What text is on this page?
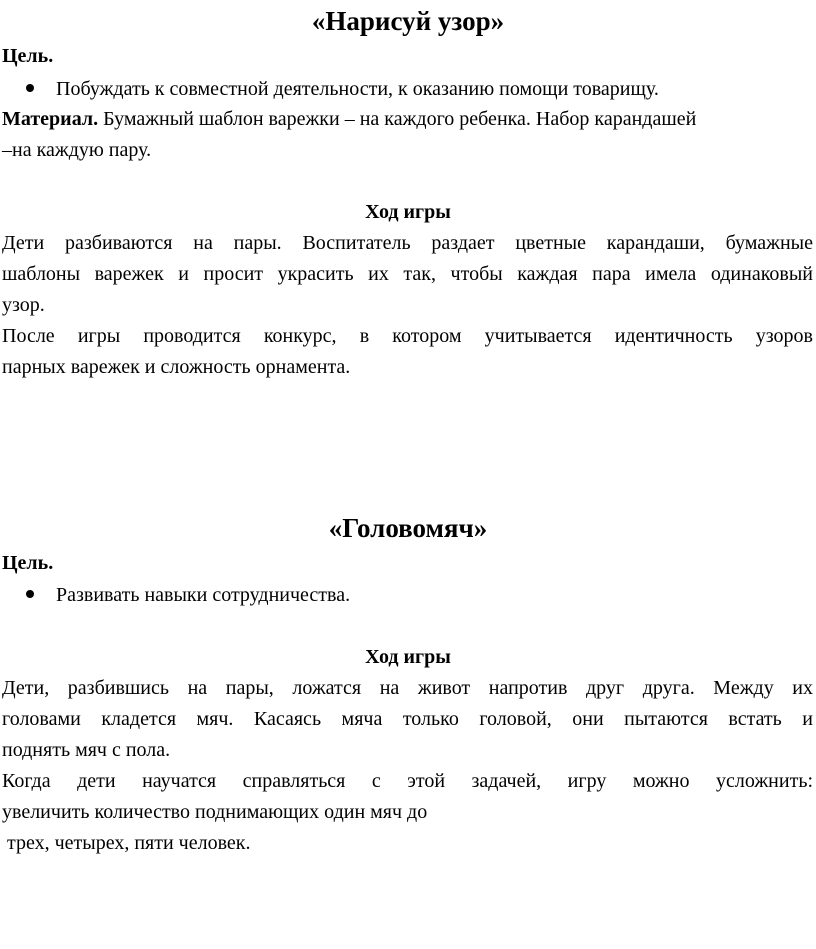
«Нарисуй узор»

Цель.

Побуждать к совместной деятельности, к оказанию помощи товарищу.

Материал. Бумажный шаблон варежки – на каждого ребенка. Набор карандашей
–на каждую пару.

Ход игры

Дети разбиваются на пары. Воспитатель раздает цветные карандаши, бумажные
шаблоны варежек и просит украсить их так, чтобы каждая пара имела одинаковый
узор.

После игры проводится конкурс, в котором учитывается идентичность узоров
парных варежек и сложность орнамента.

«Головомяч»

Цель.

Развивать навыки сотрудничества.

Ход игры

Дети, разбившись на пары, ложатся на живот напротив друг друга. Между их
головами кладется мяч. Касаясь мяча только головой, они пытаются встать и
поднять мяч с пола.

Когда дети научатся справляться с этой задачей, игру можно усложнить:
увеличить количество поднимающих один мяч до
трех, четырех, пяти человек.
